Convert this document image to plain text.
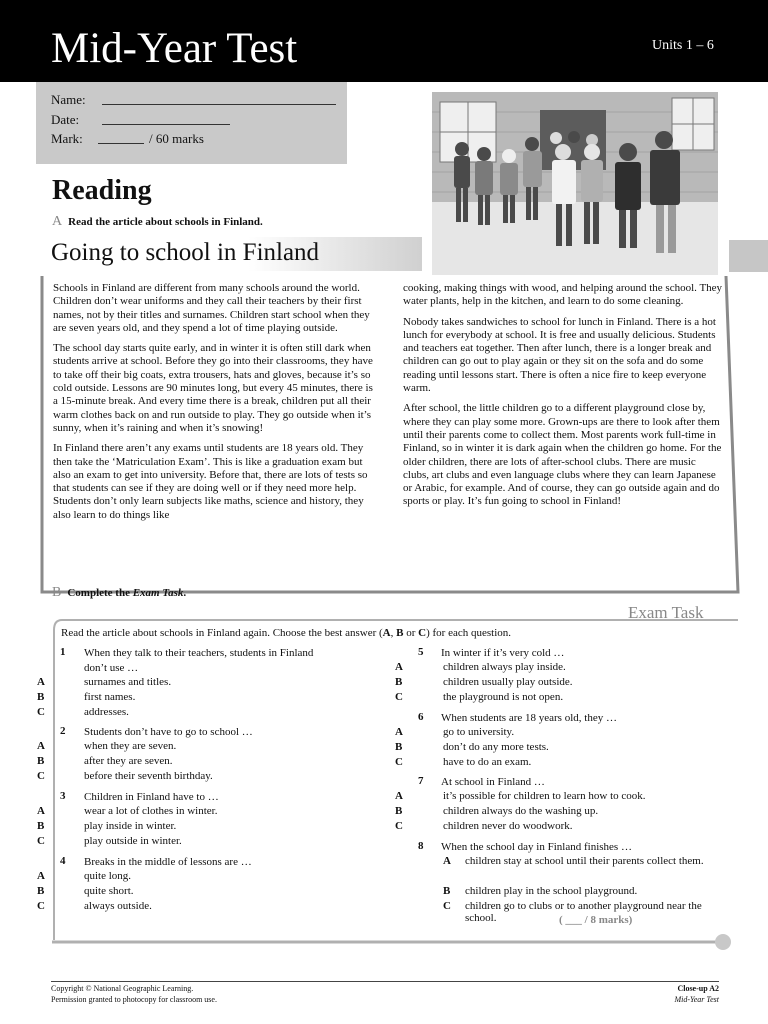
Mid-Year Test	Units 1 – 6
Name:
Date:
Mark:	/ 60 marks
Reading
A Read the article about schools in Finland.
Going to school in Finland

Schools in Finland are different from many schools around the world. Children don’t wear uniforms and they call their teachers by their first names, not by their titles and surnames. Children start school when they are seven years old, and they spend a lot of time playing outside.

The school day starts quite early, and in winter it is often still dark when students arrive at school. Before they go into their classrooms, they have to take off their big coats, extra trousers, hats and gloves, because it’s so cold outside. Lessons are 90 minutes long, but every 45 minutes, there is a 15-minute break. And every time there is a break, children put all their warm clothes back on and run outside to play. They go outside when it’s sunny, when it’s raining and when it’s snowing!

In Finland there aren’t any exams until students are 18 years old. They then take the ‘Matriculation Exam’. This is like a graduation exam but also an exam to get into university. Before that, there are lots of tests so that students can see if they are doing well or if they need more help. Students don’t only learn subjects like maths, science and history, they also learn to do things like

cooking, making things with wood, and helping around the school. They water plants, help in the kitchen, and learn to do some cleaning.

Nobody takes sandwiches to school for lunch in Finland. There is a hot lunch for everybody at school. It is free and usually delicious. Students and teachers eat together. Then after lunch, there is a longer break and children can go out to play again or they sit on the sofa and do some reading until lessons start. There is often a nice fire to keep everyone warm.

After school, the little children go to a different playground close by, where they can play some more. Grown-ups are there to look after them until their parents come to collect them. Most parents work full-time in Finland, so in winter it is dark again when the children go home. For the older children, there are lots of after-school clubs. There are music clubs, art clubs and even language clubs where they can learn Japanese or Arabic, for example. And of course, they can go outside again and do sports or play. It’s fun going to school in Finland!

B Complete the Exam Task.
Exam Task
Read the article about schools in Finland again. Choose the best answer (A, B or C) for each question.
1 When they talk to their teachers, students in Finland
don’t use …
A	surnames and titles.
B	first names.
C	addresses.
2 Students don’t have to go to school …
A	when they are seven.
B	after they are seven.
C	before their seventh birthday.
3 Children in Finland have to …
A	wear a lot of clothes in winter.
B	play inside in winter.
C	play outside in winter.
4 Breaks in the middle of lessons are …
A	quite long.
B	quite short.
C	always outside.
5 In winter if it’s very cold …
A	children always play inside.
B	children usually play outside.
C	the playground is not open.
6 When students are 18 years old, they …
A	go to university.
B	don’t do any more tests.
C	have to do an exam.
7 At school in Finland …
A	it’s possible for children to learn how to cook.
B	children always do the washing up.
C	children never do woodwork.
8 When the school day in Finland finishes …
A children stay at school until their parents collect them.
B children play in the school playground.
C children go to clubs or to another playground near the school.	( ___ / 8 marks)
Copyright © National Geographic Learning.
Permission granted to photocopy for classroom use.
Close-up A2
Mid-Year Test
